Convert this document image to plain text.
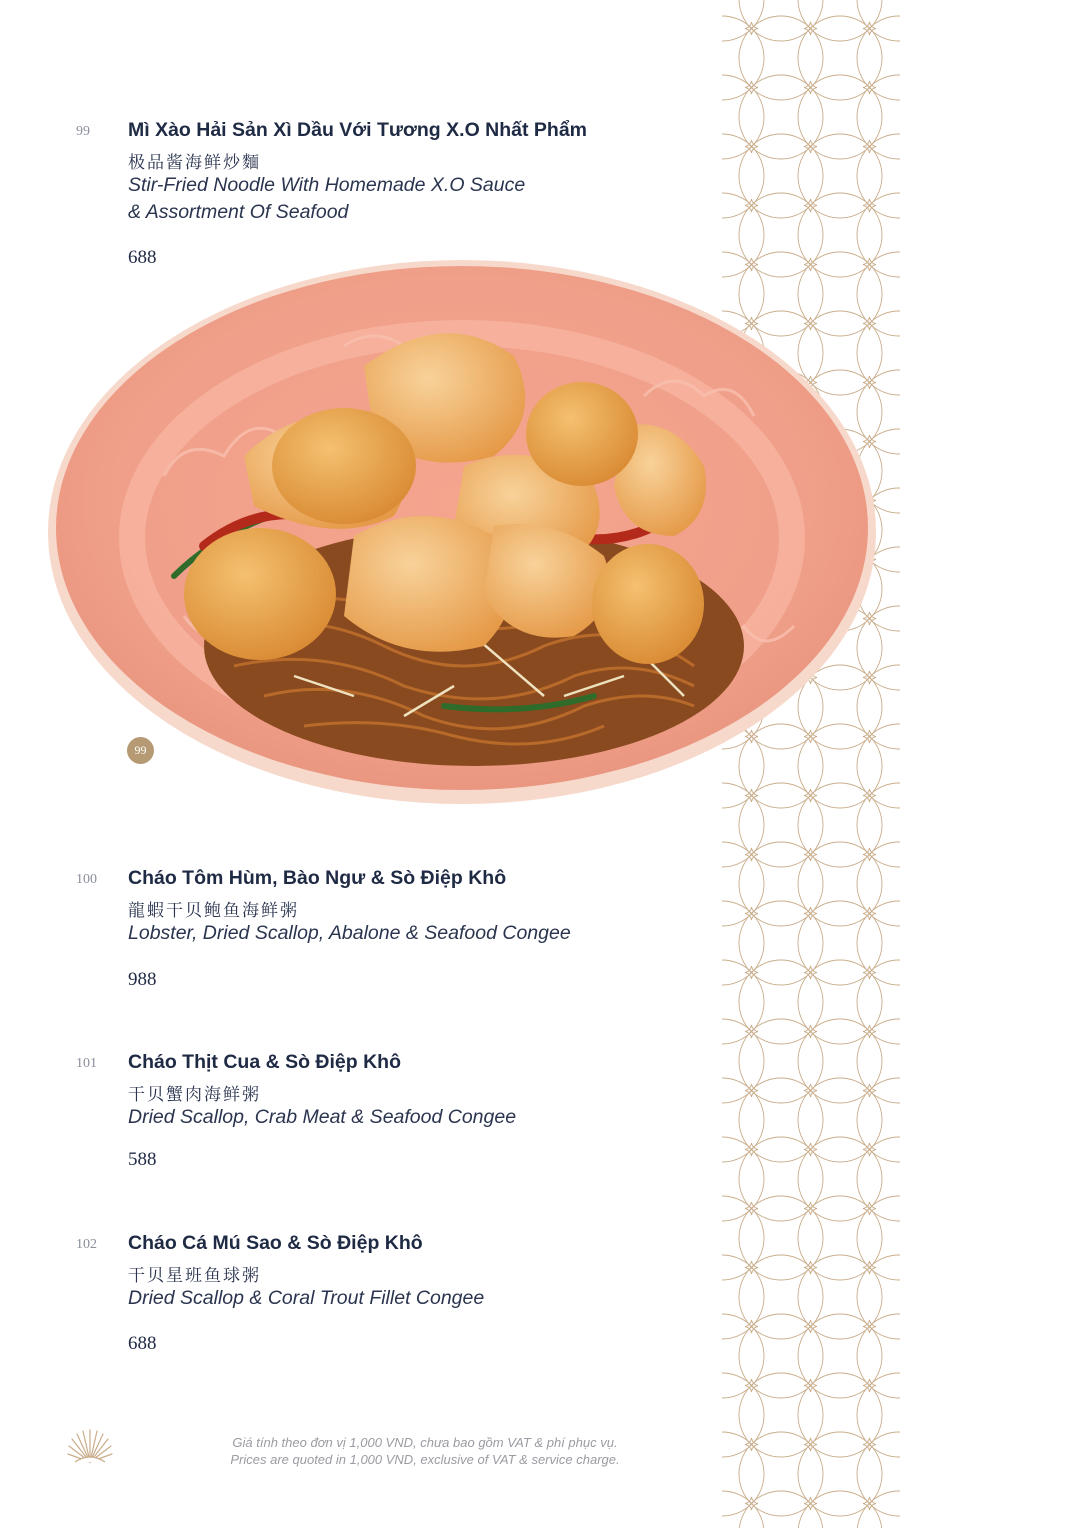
99 Mì Xào Hải Sản Xì Dầu Với Tương X.O Nhất Phẩm
极品酱海鲜炒麵
Stir-Fried Noodle With Homemade X.O Sauce
& Assortment Of Seafood
688
99
100 Cháo Tôm Hùm, Bào Ngư & Sò Điệp Khô
龍蝦干贝鲍鱼海鲜粥
Lobster, Dried Scallop, Abalone & Seafood Congee
988
101 Cháo Thịt Cua & Sò Điệp Khô
干贝蟹肉海鲜粥
Dried Scallop, Crab Meat & Seafood Congee
588
102 Cháo Cá Mú Sao & Sò Điệp Khô
干贝星班鱼球粥
Dried Scallop & Coral Trout Fillet Congee
688
Giá tính theo đơn vị 1,000 VND, chưa bao gồm VAT & phí phục vụ.
Prices are quoted in 1,000 VND, exclusive of VAT & service charge.
